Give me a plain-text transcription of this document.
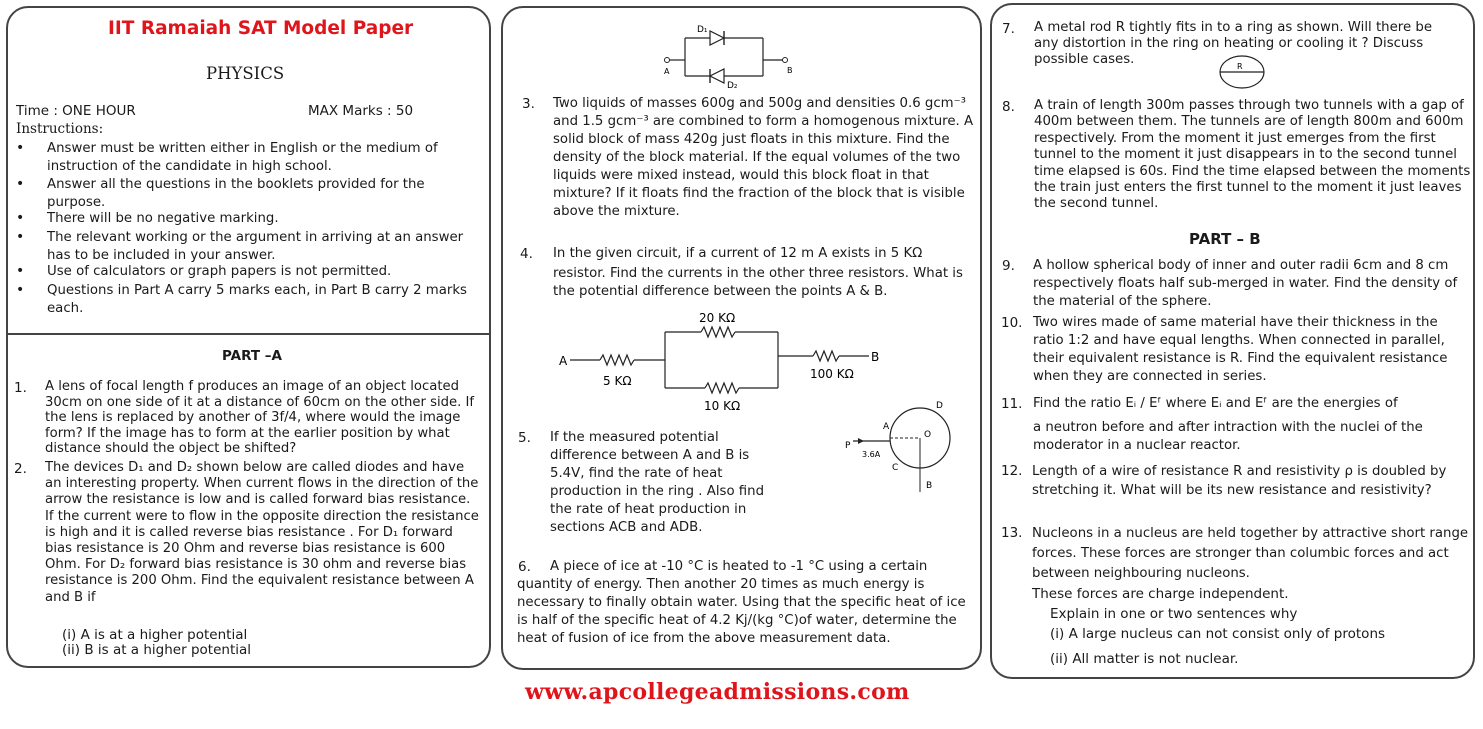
IIT Ramaiah SAT Model Paper
PHYSICS
Time : ONE HOUR	MAX Marks : 50
Instructions:
• Answer must be written either in English or the medium of instruction of the candidate in high school.
• Answer all the questions in the booklets provided for the purpose.
• There will be no negative marking.
• The relevant working or the argument in arriving at an answer has to be included in your answer.
• Use of calculators or graph papers is not permitted.
• Questions in Part A carry 5 marks each, in Part B carry 2 marks each.
PART –A
1. A lens of focal length f produces an image of an object located 30cm on one side of it at a distance of 60cm on the other side. If the lens is replaced by another of 3f/4, where would the image form? If the image has to form at the earlier position by what distance should the object be shifted?
2. The devices D₁ and D₂ shown below are called diodes and have an interesting property. When current flows in the direction of the arrow the resistance is low and is called forward bias resistance. If the current were to flow in the opposite direction the resistance is high and it is called reverse bias resistance . For D₁ forward bias resistance is 20 Ohm and reverse bias resistance is 600 Ohm. For D₂ forward bias resistance is 30 ohm and reverse bias resistance is 200 Ohm. Find the equivalent resistance between A and B if
(i) A is at a higher potential
(ii) B is at a higher potential
D₁
D₂
A	B
3. Two liquids of masses 600g and 500g and densities 0.6 gcm⁻³ and 1.5 gcm⁻³ are combined to form a homogenous mixture. A solid block of mass 420g just floats in this mixture. Find the density of the block material. If the equal volumes of the two liquids were mixed instead, would this block float in that mixture? If it floats find the fraction of the block that is visible above the mixture.
4. In the given circuit, if a current of 12 m A exists in 5 KΩ
resistor. Find the currents in the other three resistors. What is the potential difference between the points A & B.
A	B
20 KΩ
5 KΩ
10 KΩ
100 KΩ
5. If the measured potential difference between A and B is 5.4V, find the rate of heat production in the ring . Also find the rate of heat production in sections ACB and ADB.
A
B
C
D
O
P
3.6A
6.	A piece of ice at -10 °C is heated to -1 °C using a certain quantity of energy. Then another 20 times as much energy is necessary to finally obtain water. Using that the specific heat of ice is half of the specific heat of 4.2 Kj/(kg °C)of water, determine the heat of fusion of ice from the above measurement data.
7. A metal rod R tightly fits in to a ring as shown. Will there be any distortion in the ring on heating or cooling it ? Discuss possible cases.	R
8. A train of length 300m passes through two tunnels with a gap of 400m between them. The tunnels are of length 800m and 600m respectively. From the moment it just emerges from the first tunnel to the moment it just disappears in to the second tunnel time elapsed is 60s. Find the time elapsed between the moments the train just enters the first tunnel to the moment it just leaves the second tunnel.
PART – B
9. A hollow spherical body of inner and outer radii 6cm and 8 cm respectively floats half sub-merged in water. Find the density of the material of the sphere.
10. Two wires made of same material have their thickness in the ratio 1:2 and have equal lengths. When connected in parallel, their equivalent resistance is R. Find the equivalent resistance when they are connected in series.
11. Find the ratio Eᵢ / Eᶠ where Eᵢ and Eᶠ are the energies of
a neutron before and after intraction with the nuclei of the moderator in a nuclear reactor.
12. Length of a wire of resistance R and resistivity ρ is doubled by stretching it. What will be its new resistance and resistivity?
13. Nucleons in a nucleus are held together by attractive short range forces. These forces are stronger than columbic forces and act between neighbouring nucleons.
These forces are charge independent.
Explain in one or two sentences why
(i) A large nucleus can not consist only of protons
(ii) All matter is not nuclear.
www.apcollegeadmissions.com
